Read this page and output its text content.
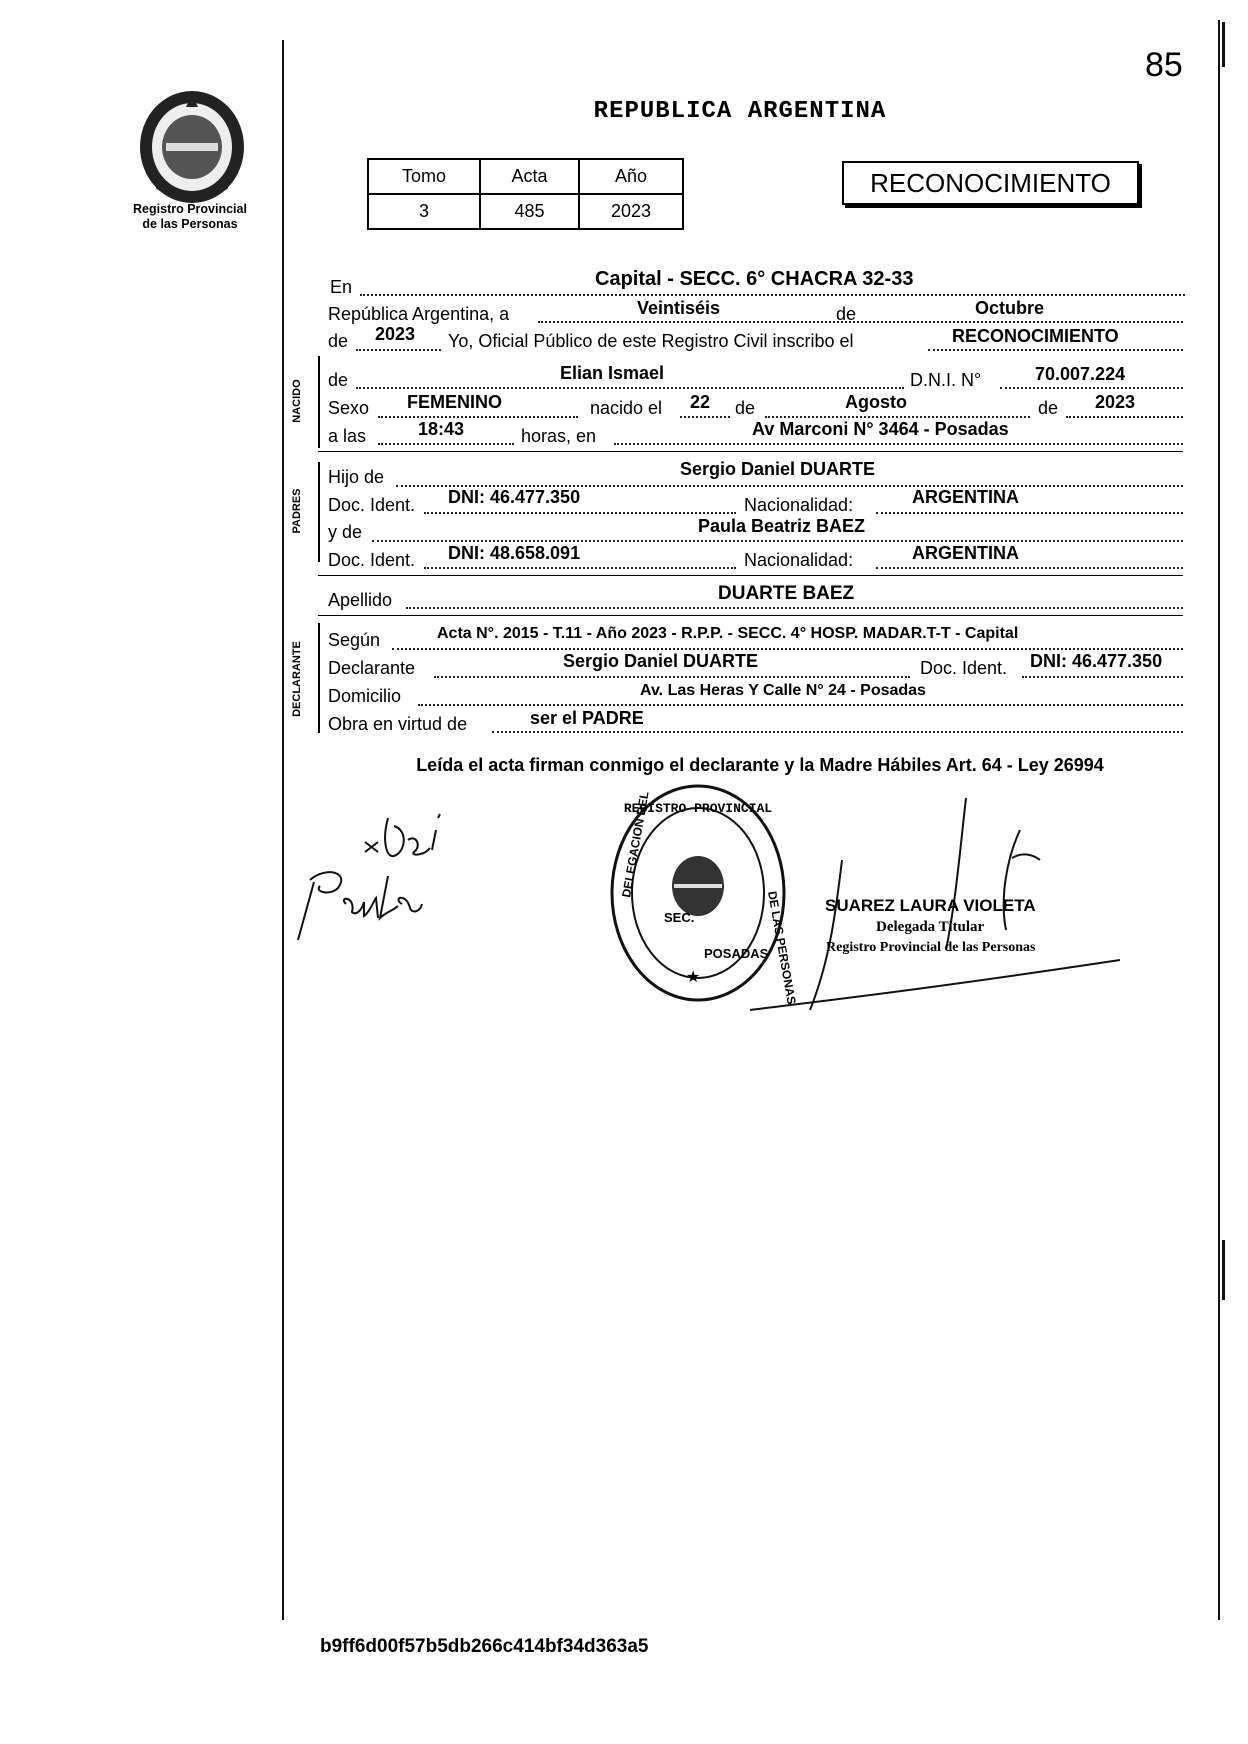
85
Registro Provincial
de las Personas
REPUBLICA ARGENTINA
Tomo	Acta	Año
3	485	2023
RECONOCIMIENTO
En	Capital - SECC. 6° CHACRA 32-33
República Argentina, a	Veintiséis	de	Octubre
de 2023 Yo, Oficial Público de este Registro Civil inscribo el	RECONOCIMIENTO
NACIDO de	Elian Ismael	D.N.I. N°	70.007.224
Sexo FEMENINO	nacido el 22 de	Agosto	de 2023
a las	18:43	horas, en	Av Marconi N° 3464 - Posadas
PADRES
Hijo de	Sergio Daniel DUARTE
Doc. Ident. DNI: 46.477.350	Nacionalidad:	ARGENTINA
y de	Paula Beatriz BAEZ
Doc. Ident. DNI: 48.658.091	Nacionalidad:	ARGENTINA
Apellido	DUARTE BAEZ
DECLARANTE
Según	Acta N°. 2015 - T.11 - Año 2023 - R.P.P. - SECC. 4° HOSP. MADAR.T-T - Capital
Declarante	Sergio Daniel DUARTE	Doc. Ident. DNI: 46.477.350
Domicilio	Av. Las Heras Y Calle N° 24 - Posadas
Obra en virtud de	ser el PADRE
Leída el acta firman conmigo el declarante y la Madre Hábiles Art. 64 - Ley 26994
DELEGACION DEL
REGISTRO PROVINCIAL
DE LAS PERSONAS
SEC.
POSADAS
★
SUAREZ LAURA VIOLETA
Delegada Titular
Registro Provincial de las Personas
b9ff6d00f57b5db266c414bf34d363a5
